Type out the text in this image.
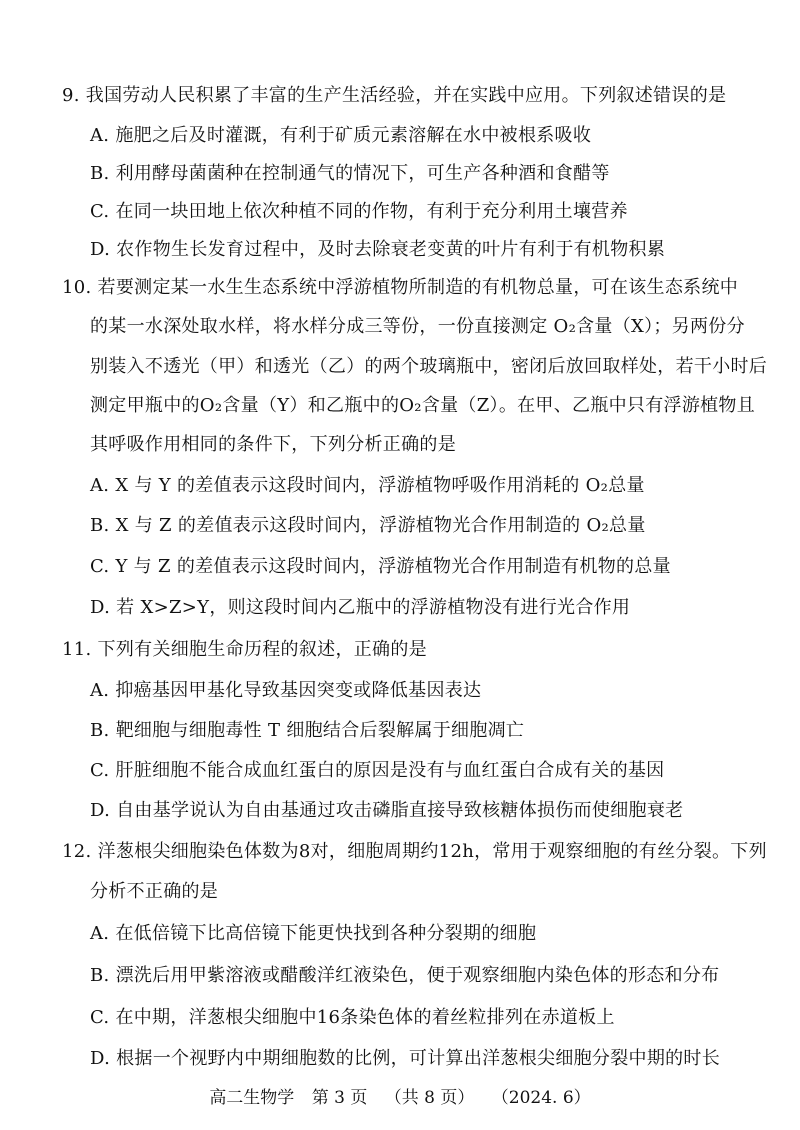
9. 我国劳动人民积累了丰富的生产生活经验，并在实践中应用。下列叙述错误的是
A. 施肥之后及时灌溉，有利于矿质元素溶解在水中被根系吸收
B. 利用酵母菌菌种在控制通气的情况下，可生产各种酒和食醋等
C. 在同一块田地上依次种植不同的作物，有利于充分利用土壤营养
D. 农作物生长发育过程中，及时去除衰老变黄的叶片有利于有机物积累
10. 若要测定某一水生生态系统中浮游植物所制造的有机物总量，可在该生态系统中
的某一水深处取水样，将水样分成三等份，一份直接测定 O₂含量（X）；另两份分
别装入不透光（甲）和透光（乙）的两个玻璃瓶中，密闭后放回取样处，若干小时后
测定甲瓶中的O₂含量（Y）和乙瓶中的O₂含量（Z）。在甲、乙瓶中只有浮游植物且
其呼吸作用相同的条件下，下列分析正确的是
A. X 与 Y 的差值表示这段时间内，浮游植物呼吸作用消耗的 O₂总量
B. X 与 Z 的差值表示这段时间内，浮游植物光合作用制造的 O₂总量
C. Y 与 Z 的差值表示这段时间内，浮游植物光合作用制造有机物的总量
D. 若 X>Z>Y，则这段时间内乙瓶中的浮游植物没有进行光合作用
11. 下列有关细胞生命历程的叙述，正确的是
A. 抑癌基因甲基化导致基因突变或降低基因表达
B. 靶细胞与细胞毒性 T 细胞结合后裂解属于细胞凋亡
C. 肝脏细胞不能合成血红蛋白的原因是没有与血红蛋白合成有关的基因
D. 自由基学说认为自由基通过攻击磷脂直接导致核糖体损伤而使细胞衰老
12. 洋葱根尖细胞染色体数为8对，细胞周期约12h，常用于观察细胞的有丝分裂。下列
分析不正确的是
A. 在低倍镜下比高倍镜下能更快找到各种分裂期的细胞
B. 漂洗后用甲紫溶液或醋酸洋红液染色，便于观察细胞内染色体的形态和分布
C. 在中期，洋葱根尖细胞中16条染色体的着丝粒排列在赤道板上
D. 根据一个视野内中期细胞数的比例，可计算出洋葱根尖细胞分裂中期的时长
高二生物学 第 3 页 （共 8 页） （2024. 6）
